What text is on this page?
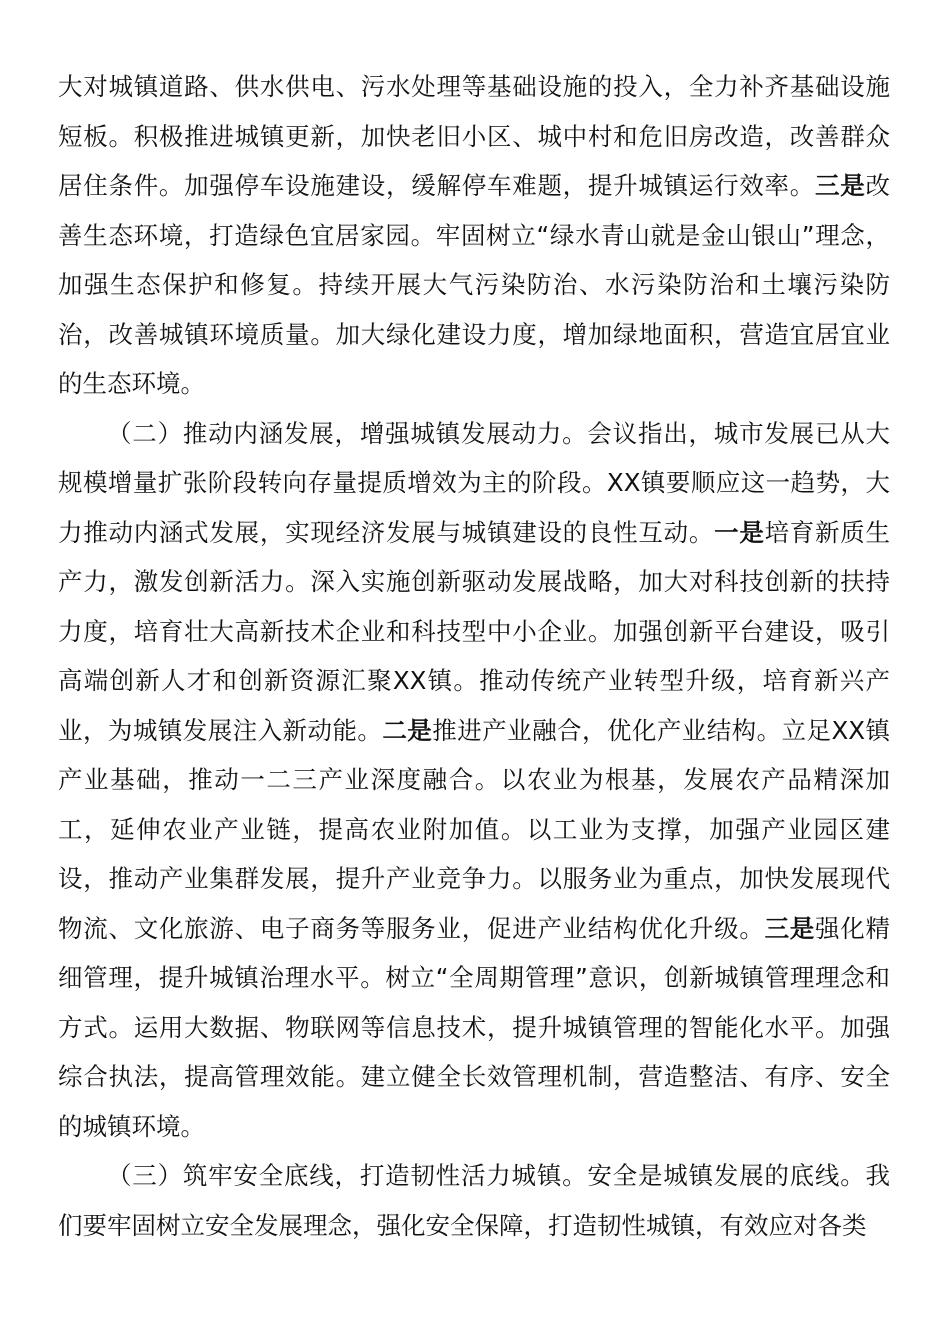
大对城镇道路、供水供电、污水处理等基础设施的投入，全力补齐基础设施短板。积极推进城镇更新，加快老旧小区、城中村和危旧房改造，改善群众居住条件。加强停车设施建设，缓解停车难题，提升城镇运行效率。三是改善生态环境，打造绿色宜居家园。牢固树立“绿水青山就是金山银山”理念，加强生态保护和修复。持续开展大气污染防治、水污染防治和土壤污染防治，改善城镇环境质量。加大绿化建设力度，增加绿地面积，营造宜居宜业的生态环境。

（二）推动内涵发展，增强城镇发展动力。会议指出，城市发展已从大规模增量扩张阶段转向存量提质增效为主的阶段。XX镇要顺应这一趋势，大力推动内涵式发展，实现经济发展与城镇建设的良性互动。一是培育新质生产力，激发创新活力。深入实施创新驱动发展战略，加大对科技创新的扶持力度，培育壮大高新技术企业和科技型中小企业。加强创新平台建设，吸引高端创新人才和创新资源汇聚XX镇。推动传统产业转型升级，培育新兴产业，为城镇发展注入新动能。二是推进产业融合，优化产业结构。立足XX镇产业基础，推动一二三产业深度融合。以农业为根基，发展农产品精深加工，延伸农业产业链，提高农业附加值。以工业为支撑，加强产业园区建设，推动产业集群发展，提升产业竞争力。以服务业为重点，加快发展现代物流、文化旅游、电子商务等服务业，促进产业结构优化升级。三是强化精细管理，提升城镇治理水平。树立“全周期管理”意识，创新城镇管理理念和方式。运用大数据、物联网等信息技术，提升城镇管理的智能化水平。加强综合执法，提高管理效能。建立健全长效管理机制，营造整洁、有序、安全的城镇环境。

（三）筑牢安全底线，打造韧性活力城镇。安全是城镇发展的底线。我们要牢固树立安全发展理念，强化安全保障，打造韧性城镇，有效应对各类
